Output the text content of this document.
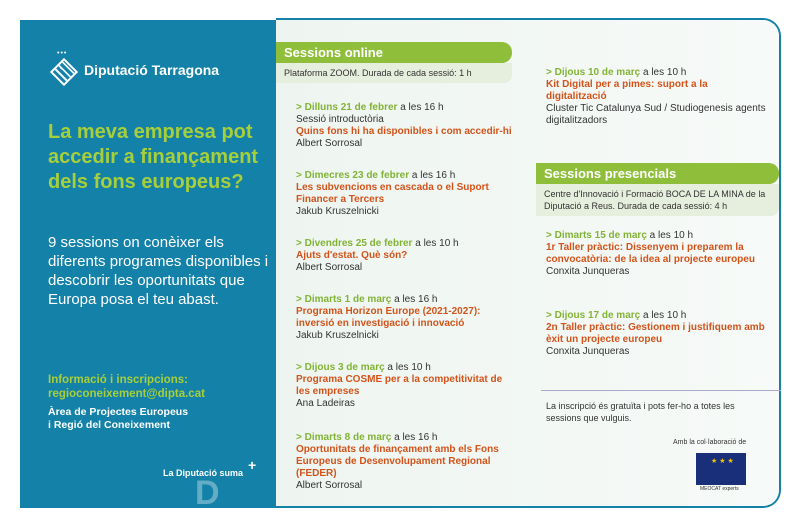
•••
Diputació Tarragona
La meva empresa pot accedir a finançament dels fons europeus?
9 sessions on conèixer els diferents programes disponibles i descobrir les oportunitats que Europa posa el teu abast.
Informació i inscripcions:
regioconeixement@dipta.cat
Àrea de Projectes Europeus
i Regió del Coneixement
La Diputació suma
D
+
Sessions online
Plataforma ZOOM. Durada de cada sessió: 1 h
> Dilluns 21 de febrer a les 16 h
Sessió introductòria
Quins fons hi ha disponibles i com accedir-hi
Albert Sorrosal
> Dimecres 23 de febrer a les 16 h
Les subvencions en cascada o el Suport Financer a Tercers
Jakub Kruszelnicki
> Divendres 25 de febrer a les 10 h
Ajuts d'estat. Què són?
Albert Sorrosal
> Dimarts 1 de març a les 16 h
Programa Horizon Europe (2021-2027): inversió en investigació i innovació
Jakub Kruszelnicki
> Dijous 3 de març a les 10 h
Programa COSME per a la competitivitat de les empreses
Ana Ladeiras
> Dimarts 8 de març a les 16 h
Oportunitats de finançament amb els Fons Europeus de Desenvolupament Regional (FEDER)
Albert Sorrosal
> Dijous 10 de març a les 10 h
Kit Digital per a pimes: suport a la digitalització
Cluster Tic Catalunya Sud / Studiogenesis agents digitalitzadors
Sessions presencials
Centre d'Innovació i Formació BOCA DE LA MINA de la Diputació a Reus. Durada de cada sessió: 4 h
> Dimarts 15 de març a les 10 h
1r Taller pràctic: Dissenyem i preparem la convocatòria: de la idea al projecte europeu
Conxita Junqueras
> Dijous 17 de març a les 10 h
2n Taller pràctic: Gestionem i justifiquem amb èxit un projecte europeu
Conxita Junqueras
La inscripció és gratuïta i pots fer-ho a totes les sessions que vulguis.
Amb la col·laboració de
★ ★ ★
MEOCAT experts
